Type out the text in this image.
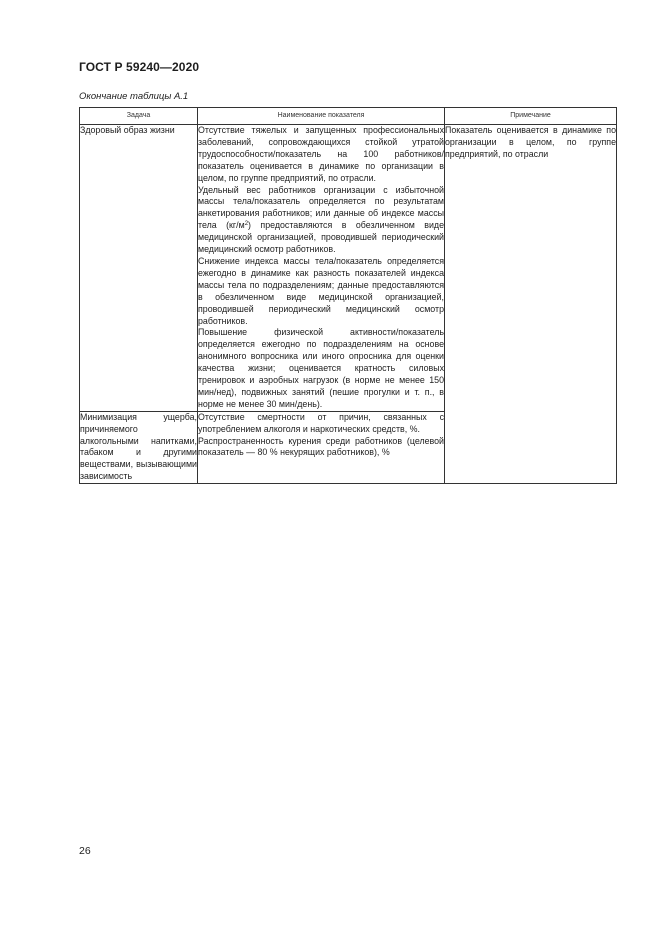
ГОСТ Р 59240—2020
Окончание таблицы А.1
Задача	Наименование показателя	Примечание

Здоровый образ жизни	Отсутствие тяжелых и запущенных профессиональных заболеваний, сопровождающихся стойкой утратой трудоспособности/показатель на 100 работников/показатель оценивается в динамике по организации в целом, по группе предприятий, по отрасли.
Удельный вес работников организации с избыточной массы тела/показатель определяется по результатам анкетирования работников; или данные об индексе массы тела $(кг/м^2)$ предоставляются в обезличенном виде медицинской организацией, проводившей периодический медицинский осмотр работников.
Снижение индекса массы тела/показатель определяется ежегодно в динамике как разность показателей индекса массы тела по подразделениям; данные предоставляются в обезличенном виде медицинской организацией, проводившей периодический медицинский осмотр работников.
Повышение физической активности/показатель определяется ежегодно по подразделениям на основе анонимного вопросника или иного опросника для оценки качества жизни; оценивается кратность силовых тренировок и аэробных нагрузок (в норме не менее 150 мин/нед), подвижных занятий (пешие прогулки и т. п., в норме не менее 30 мин/день).	Показатель оценивается в динамике по организации в целом, по группе предприятий, по отрасли

Минимизация ущерба, причиняемого алкогольными напитками, табаком и другими веществами, вызывающими зависимость	Отсутствие смертности от причин, связанных с употреблением алкоголя и наркотических средств, %.
Распространенность курения среди работников (целевой показатель — 80 % некурящих работников), %	
26
